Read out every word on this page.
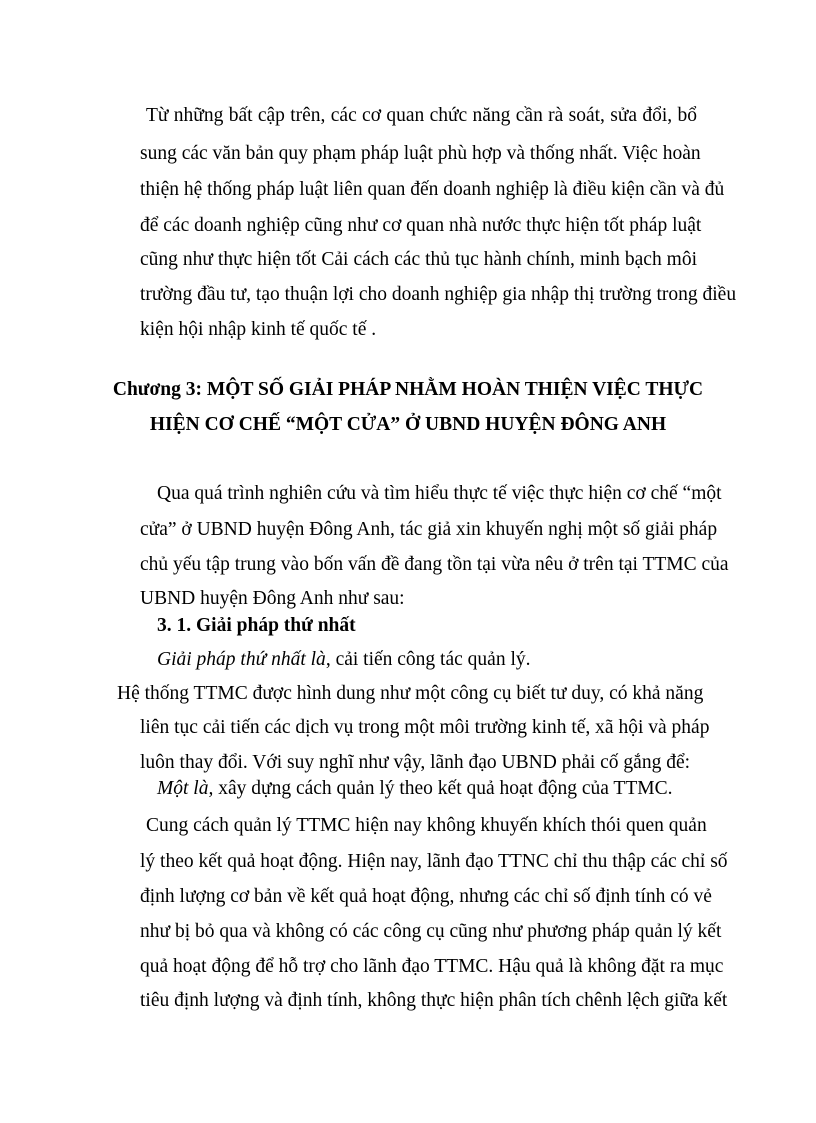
Từ những bất cập trên, các cơ quan chức năng cần rà soát, sửa đổi, bổ
sung các văn bản quy phạm pháp luật phù hợp và thống nhất. Việc hoàn
thiện hệ thống pháp luật liên quan đến doanh nghiệp là điều kiện cần và đủ
để các doanh nghiệp cũng như cơ quan nhà nước thực hiện tốt pháp luật
cũng như thực hiện tốt Cải cách các thủ tục hành chính, minh bạch môi
trường đầu tư, tạo thuận lợi cho doanh nghiệp gia nhập thị trường trong điều
kiện hội nhập kinh tế quốc tế .
Chương 3: MỘT SỐ GIẢI PHÁP NHẰM HOÀN THIỆN VIỆC THỰC
HIỆN CƠ CHẾ “MỘT CỬA” Ở UBND HUYỆN ĐÔNG ANH
Qua quá trình nghiên cứu và tìm hiểu thực tế việc thực hiện cơ chế “một
cửa” ở UBND huyện Đông Anh, tác giả xin khuyến nghị một số giải pháp
chủ yếu tập trung vào bốn vấn đề đang tồn tại vừa nêu ở trên tại TTMC của
UBND huyện Đông Anh như sau:
3. 1. Giải pháp thứ nhất
Giải pháp thứ nhất là, cải tiến công tác quản lý.
Hệ thống TTMC được hình dung như một công cụ biết tư duy, có khả năng
liên tục cải tiến các dịch vụ trong một môi trường kinh tế, xã hội và pháp
luôn thay đổi. Với suy nghĩ như vậy, lãnh đạo UBND phải cố gắng để:
Một là, xây dựng cách quản lý theo kết quả hoạt động của TTMC.
Cung cách quản lý TTMC hiện nay không khuyến khích thói quen quản
lý theo kết quả hoạt động. Hiện nay, lãnh đạo TTNC chỉ thu thập các chỉ số
định lượng cơ bản về kết quả hoạt động, nhưng các chỉ số định tính có vẻ
như bị bỏ qua và không có các công cụ cũng như phương pháp quản lý kết
quả hoạt động để hỗ trợ cho lãnh đạo TTMC. Hậu quả là không đặt ra mục
tiêu định lượng và định tính, không thực hiện phân tích chênh lệch giữa kết
